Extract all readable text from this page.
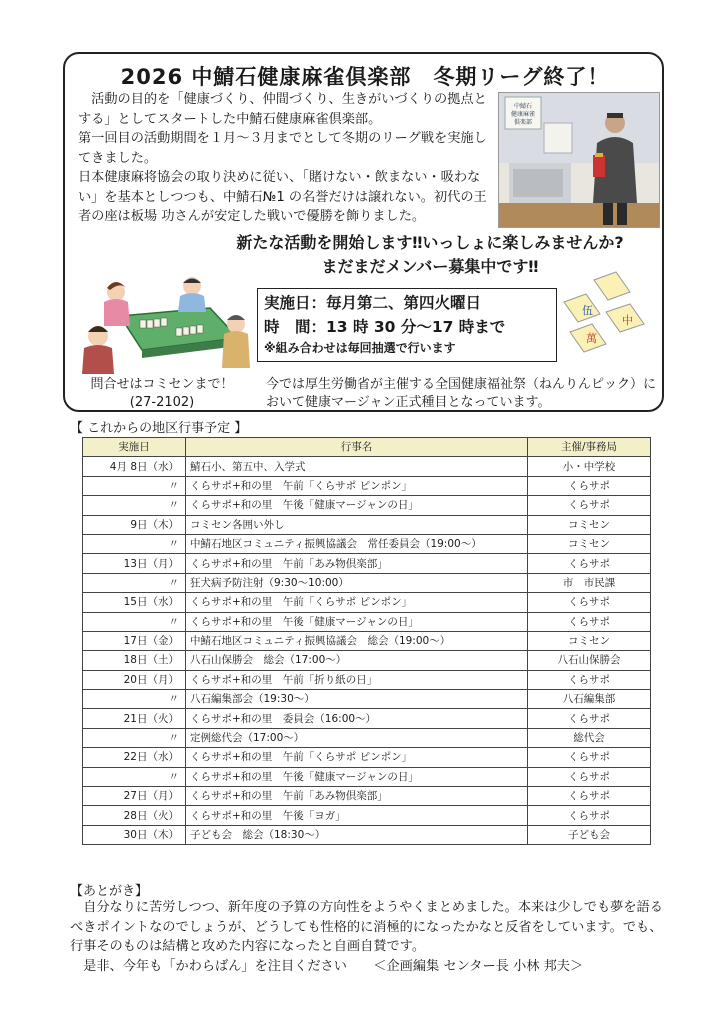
2026 中鯖石健康麻雀倶楽部　冬期リーグ終了！

　活動の目的を「健康づくり、仲間づくり、生きがいづくりの拠点とする」としてスタートした中鯖石健康麻雀倶楽部。

第一回目の活動期間を１月～３月までとして冬期のリーグ戦を実施してきました。

日本健康麻将協会の取り決めに従い、「賭けない・飲まない・吸わない」を基本としつつも、中鯖石№1 の名誉だけは譲れない。初代の王者の座は板場 功さんが安定した戦いで優勝を飾りました。

中鯖石
健康麻雀
倶楽部
新たな活動を開始します‼いっしょに楽しみませんか?
まだまだメンバー募集中です‼
実施日：毎月第二、第四火曜日
時　間：13 時 30 分～17 時まで
※組み合わせは毎回抽選で行います
伍
萬
中
問合せはコミセンまで！
(27-2102)
今では厚生労働省が主催する全国健康福祉祭（ねんりんピック）において健康マージャン正式種目となっています。
【 これからの地区行事予定 】
実施日	行事名	主催/事務局
4月 8日（水）	鯖石小、第五中、入学式	小・中学校
〃	くらサポ+和の里　午前「くらサポ ピンポン」	くらサポ
〃	くらサポ+和の里　午後「健康マージャンの日」	くらサポ
9日（木）	コミセン各囲い外し	コミセン
〃	中鯖石地区コミュニティ振興協議会　常任委員会（19:00～）	コミセン
13日（月）	くらサポ+和の里　午前「あみ物倶楽部」	くらサポ
〃	狂犬病予防注射（9:30～10:00）	市　市民課
15日（水）	くらサポ+和の里　午前「くらサポ ピンポン」	くらサポ
〃	くらサポ+和の里　午後「健康マージャンの日」	くらサポ
17日（金）	中鯖石地区コミュニティ振興協議会　総会（19:00～）	コミセン
18日（土）	八石山保勝会　総会（17:00～）	八石山保勝会
20日（月）	くらサポ+和の里　午前「折り紙の日」	くらサポ
〃	八石編集部会（19:30～）	八石編集部
21日（火）	くらサポ+和の里　委員会（16:00～）	くらサポ
〃	定例総代会（17:00～）	総代会
22日（水）	くらサポ+和の里　午前「くらサポ ピンポン」	くらサポ
〃	くらサポ+和の里　午後「健康マージャンの日」	くらサポ
27日（月）	くらサポ+和の里　午前「あみ物倶楽部」	くらサポ
28日（火）	くらサポ+和の里　午後「ヨガ」	くらサポ
30日（木）	子ども会　総会（18:30～）	子ども会
【あとがき】

　自分なりに苦労しつつ、新年度の予算の方向性をようやくまとめました。本来は少しでも夢を語るべきポイントなのでしょうが、どうしても性格的に消極的になったかなと反省をしています。でも、行事そのものは結構と攻めた内容になったと自画自賛です。

　是非、今年も「かわらばん」を注目ください　　＜企画編集 センター長 小林 邦夫＞
